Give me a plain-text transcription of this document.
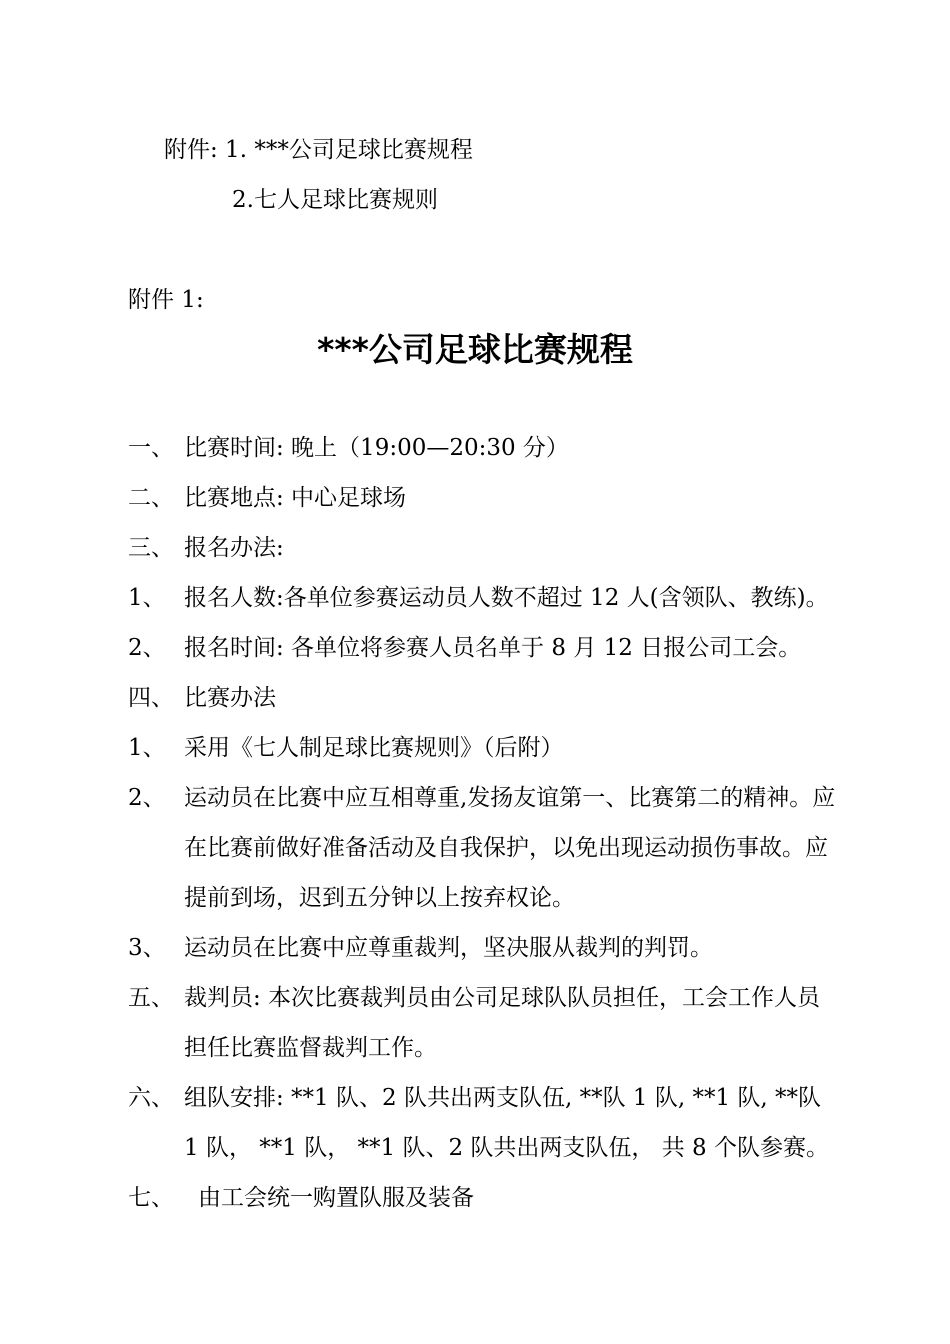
附件: 1. ***公司足球比赛规程
2.七人足球比赛规则
附件 1:
***公司足球比赛规程
一、 比赛时间: 晚上（19:00—20:30 分）
二、 比赛地点: 中心足球场
三、 报名办法:
1、 报名人数:各单位参赛运动员人数不超过 12 人(含领队、教练)。
2、 报名时间: 各单位将参赛人员名单于 8 月 12 日报公司工会。
四、 比赛办法
1、 采用《七人制足球比赛规则》（后附）
2、 运动员在比赛中应互相尊重,发扬友谊第一、比赛第二的精神。应
在比赛前做好准备活动及自我保护，以免出现运动损伤事故。应
提前到场，迟到五分钟以上按弃权论。
3、 运动员在比赛中应尊重裁判，坚决服从裁判的判罚。
五、 裁判员: 本次比赛裁判员由公司足球队队员担任，工会工作人员
担任比赛监督裁判工作。
六、 组队安排: **1 队、2 队共出两支队伍, **队 1 队, **1 队, **队
1 队， **1 队， **1 队、2 队共出两支队伍， 共 8 个队参赛。
七、 由工会统一购置队服及装备
